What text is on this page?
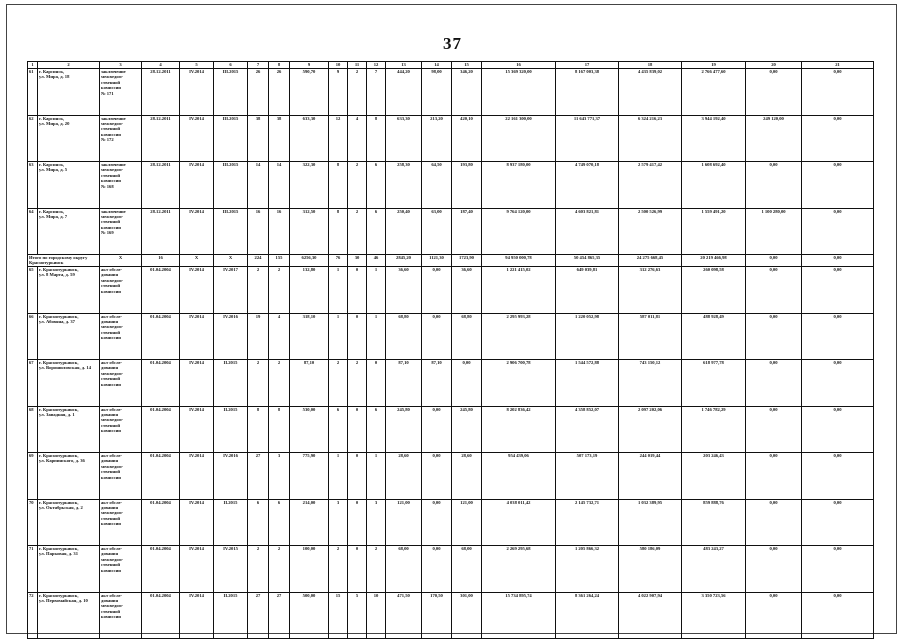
37
1	2	3	4	5	6	7	8	9	10	11	12	13	14	15	16	17	18	19	20	21
61	г. Карсинск,
ул. Мира, д. 18	заключение
межведом-
ственной
комиссии
№ 171	28.12.2011	IV.2014	III.2015	26	26	590,70	9	2	7	444,20	98,00	346,20	15 369 320,00	8 167 003,38	4 435 839,02	2 766 477,60	0,00	0,00
62	г. Карсинск,
ул. Мира, д. 20	заключение
межведом-
ственной
комиссии
№ 172	28.12.2011	IV.2014	III.2015	38	38	633,30	12	4	8	633,30	213,20	420,10	22 161 300,00	11 643 771,37	6 324 216,23	3 944 192,40	249 120,00	0,00
63	г. Карсинск,
ул. Мира, д. 5	заключение
межведом-
ственной
комиссии
№ 168	28.12.2011	IV.2014	III.2015	14	14	322,30	8	2	6	258,30	64,50	193,80	8 937 180,00	4 749 070,18	2 579 417,42	1 608 692,40	0,00	0,00
64	г. Карсинск,
ул. Мира, д. 7	заключение
межведом-
ственной
комиссии
№ 169	28.12.2011	IV.2014	III.2015	16	16	312,50	8	2	6	250,40	63,00	187,40	9 764 120,00	4 603 821,81	2 500 526,99	1 559 491,20	1 100 280,00	0,00
Итого по городскому округу
Краснотурьинск		X	16	X	X	224	155	6256,30	76	30	46	2845,20	1121,30	1723,90	94 950 000,78	50 454 865,35	24 275 668,45	20 219 466,98	0,00	0,00
65	г. Краснотурьинск,
ул. 8 Марта, д. 59	акт обсле-
дования
межведом-
ственной
комиссии	01.04.2004	IV.2014	IV.2017	2	2	132,80	1	0	1	36,60	0,00	36,60	1 221 415,02	649 039,81	312 276,63	260 098,58	0,00	0,00
66	г. Краснотурьинск,
ул. Абовяна, д. 37	акт обсле-
дования
межведом-
ственной
комиссии	01.04.2004	IV.2014	IV.2016	19	4	318,10	1	0	1	68,80	0,00	68,80	2 295 993,28	1 220 052,98	587 011,81	488 928,49	0,00	0,00
67	г. Краснотурьинск,
ул. Ворошиловская, д. 14	акт обсле-
дования
межведом-
ственной
комиссии	01.04.2004	IV.2014	II.2015	2	2	87,10	2	2	0	87,10	87,10	0,00	2 906 700,78	1 544 572,88	743 150,12	618 977,78	0,00	0,00
68	г. Краснотурьинск,
ул. Западная, д. 1	акт обсле-
дования
межведом-
ственной
комиссии	01.04.2004	IV.2014	II.2015	8	8	530,00	6	0	6	245,80	0,00	245,80	8 202 836,42	4 358 852,07	2 097 202,06	1 746 782,29	0,00	0,00
69	г. Краснотурьинск,
ул. Карпинского, д. 36	акт обсле-
дования
межведом-
ственной
комиссии	01.04.2004	IV.2014	IV.2016	27	3	775,90	1	0	1	28,60	0,00	28,60	954 439,06	507 173,19	244 019,44	203 246,43	0,00	0,00
70	г. Краснотурьинск,
ул. Октябрьская, д. 2	акт обсле-
дования
межведом-
ственной
комиссии	01.04.2004	IV.2014	II.2015	6	6	214,00	3	0	3	121,00	0,00	121,00	4 038 011,42	2 145 732,71	1 032 389,95	859 888,76	0,00	0,00
71	г. Краснотурьинск,
ул. Парковая, д. 31	акт обсле-
дования
межведом-
ственной
комиссии	01.04.2004	IV.2014	IV.2015	2	2	100,00	2	0	2	68,00	0,00	68,00	2 269 295,68	1 205 866,32	580 186,09	483 243,27	0,00	0,00
72	г. Краснотурьинск,
ул. Первомайская, д. 10	акт обсле-
дования
межведом-
ственной
комиссии	01.04.2004	IV.2014	II.2015	27	27	500,00	15	5	10	471,50	170,50	301,00	15 734 895,74	8 361 264,24	4 022 907,94	3 350 723,56	0,00	0,00
